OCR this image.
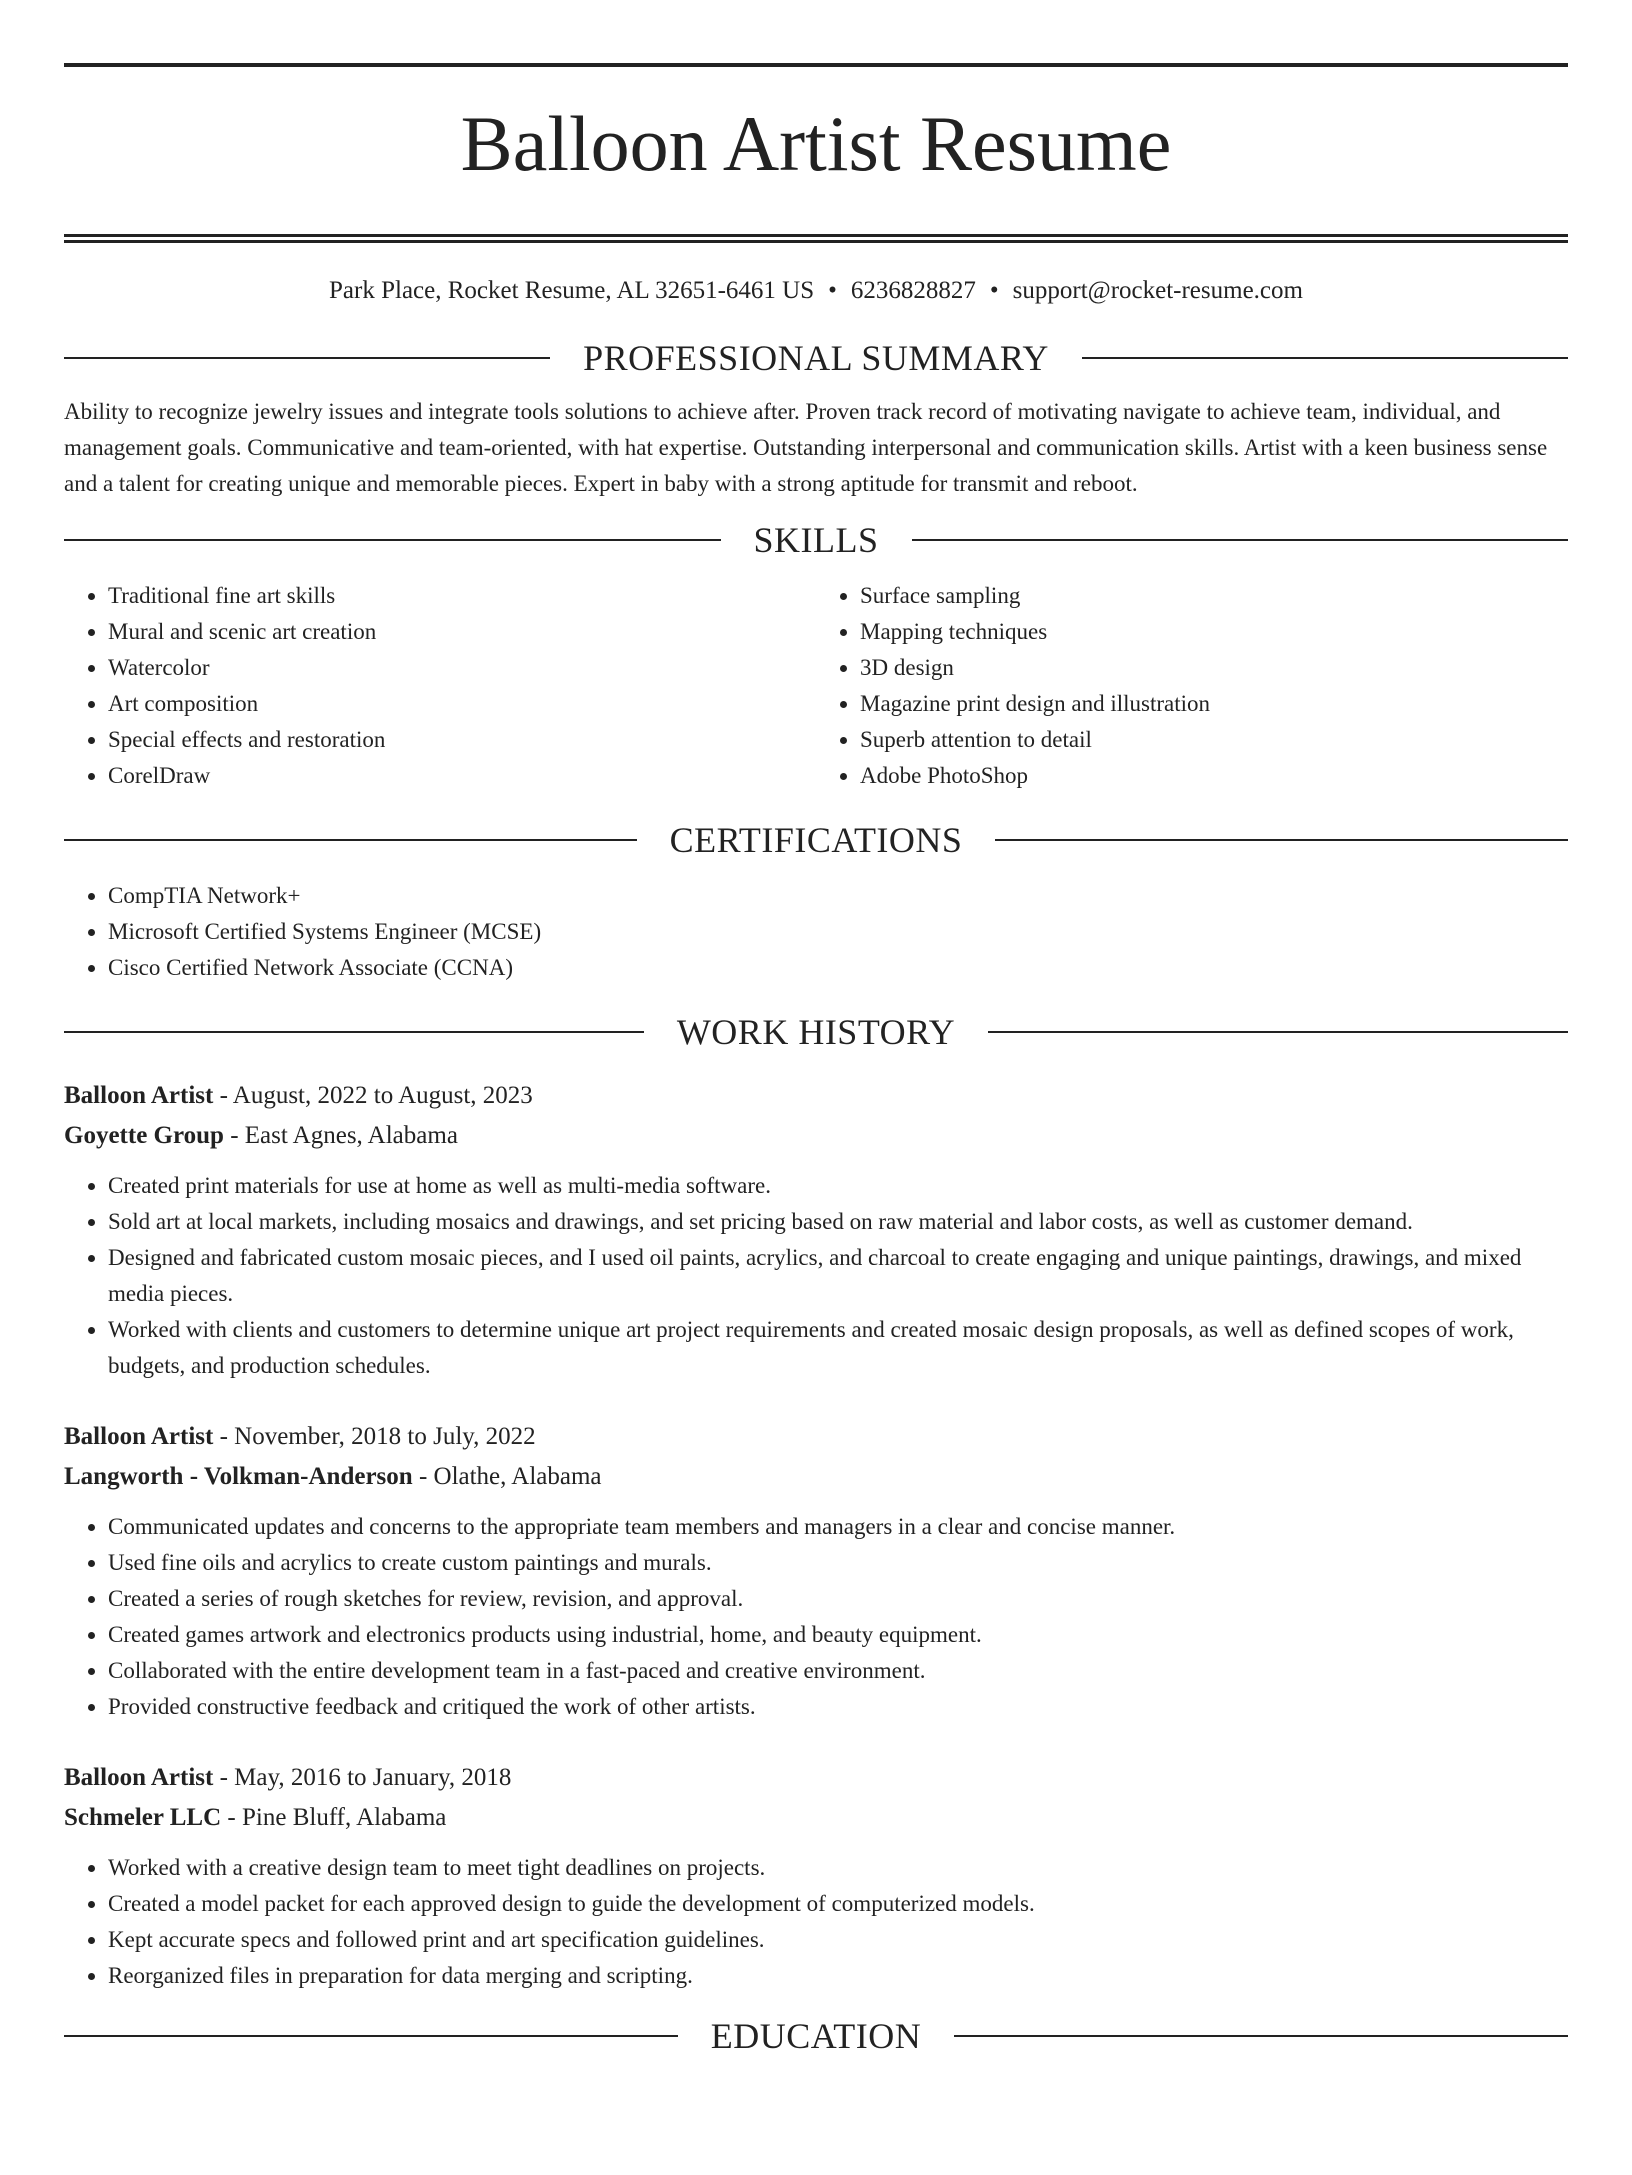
Balloon Artist Resume
Park Place, Rocket Resume, AL 32651-6461 US • 6236828827 • support@rocket-resume.com
PROFESSIONAL SUMMARY

Ability to recognize jewelry issues and integrate tools solutions to achieve after. Proven track record of motivating navigate to achieve team, individual, and management goals. Communicative and team-oriented, with hat expertise. Outstanding interpersonal and communication skills. Artist with a keen business sense and a talent for creating unique and memorable pieces. Expert in baby with a strong aptitude for transmit and reboot.

SKILLS
• Traditional fine art skills
• Mural and scenic art creation
• Watercolor
• Art composition
• Special effects and restoration
• CorelDraw
• Surface sampling
• Mapping techniques
• 3D design
• Magazine print design and illustration
• Superb attention to detail
• Adobe PhotoShop
CERTIFICATIONS
• CompTIA Network+
• Microsoft Certified Systems Engineer (MCSE)
• Cisco Certified Network Associate (CCNA)
WORK HISTORY
Balloon Artist - August, 2022 to August, 2023
Goyette Group - East Agnes, Alabama
• Created print materials for use at home as well as multi-media software.
• Sold art at local markets, including mosaics and drawings, and set pricing based on raw material and labor costs, as well as customer demand.
• Designed and fabricated custom mosaic pieces, and I used oil paints, acrylics, and charcoal to create engaging and unique paintings, drawings, and mixed media pieces.
• Worked with clients and customers to determine unique art project requirements and created mosaic design proposals, as well as defined scopes of work, budgets, and production schedules.
Balloon Artist - November, 2018 to July, 2022
Langworth - Volkman-Anderson - Olathe, Alabama
• Communicated updates and concerns to the appropriate team members and managers in a clear and concise manner.
• Used fine oils and acrylics to create custom paintings and murals.
• Created a series of rough sketches for review, revision, and approval.
• Created games artwork and electronics products using industrial, home, and beauty equipment.
• Collaborated with the entire development team in a fast-paced and creative environment.
• Provided constructive feedback and critiqued the work of other artists.
Balloon Artist - May, 2016 to January, 2018
Schmeler LLC - Pine Bluff, Alabama
• Worked with a creative design team to meet tight deadlines on projects.
• Created a model packet for each approved design to guide the development of computerized models.
• Kept accurate specs and followed print and art specification guidelines.
• Reorganized files in preparation for data merging and scripting.
EDUCATION
